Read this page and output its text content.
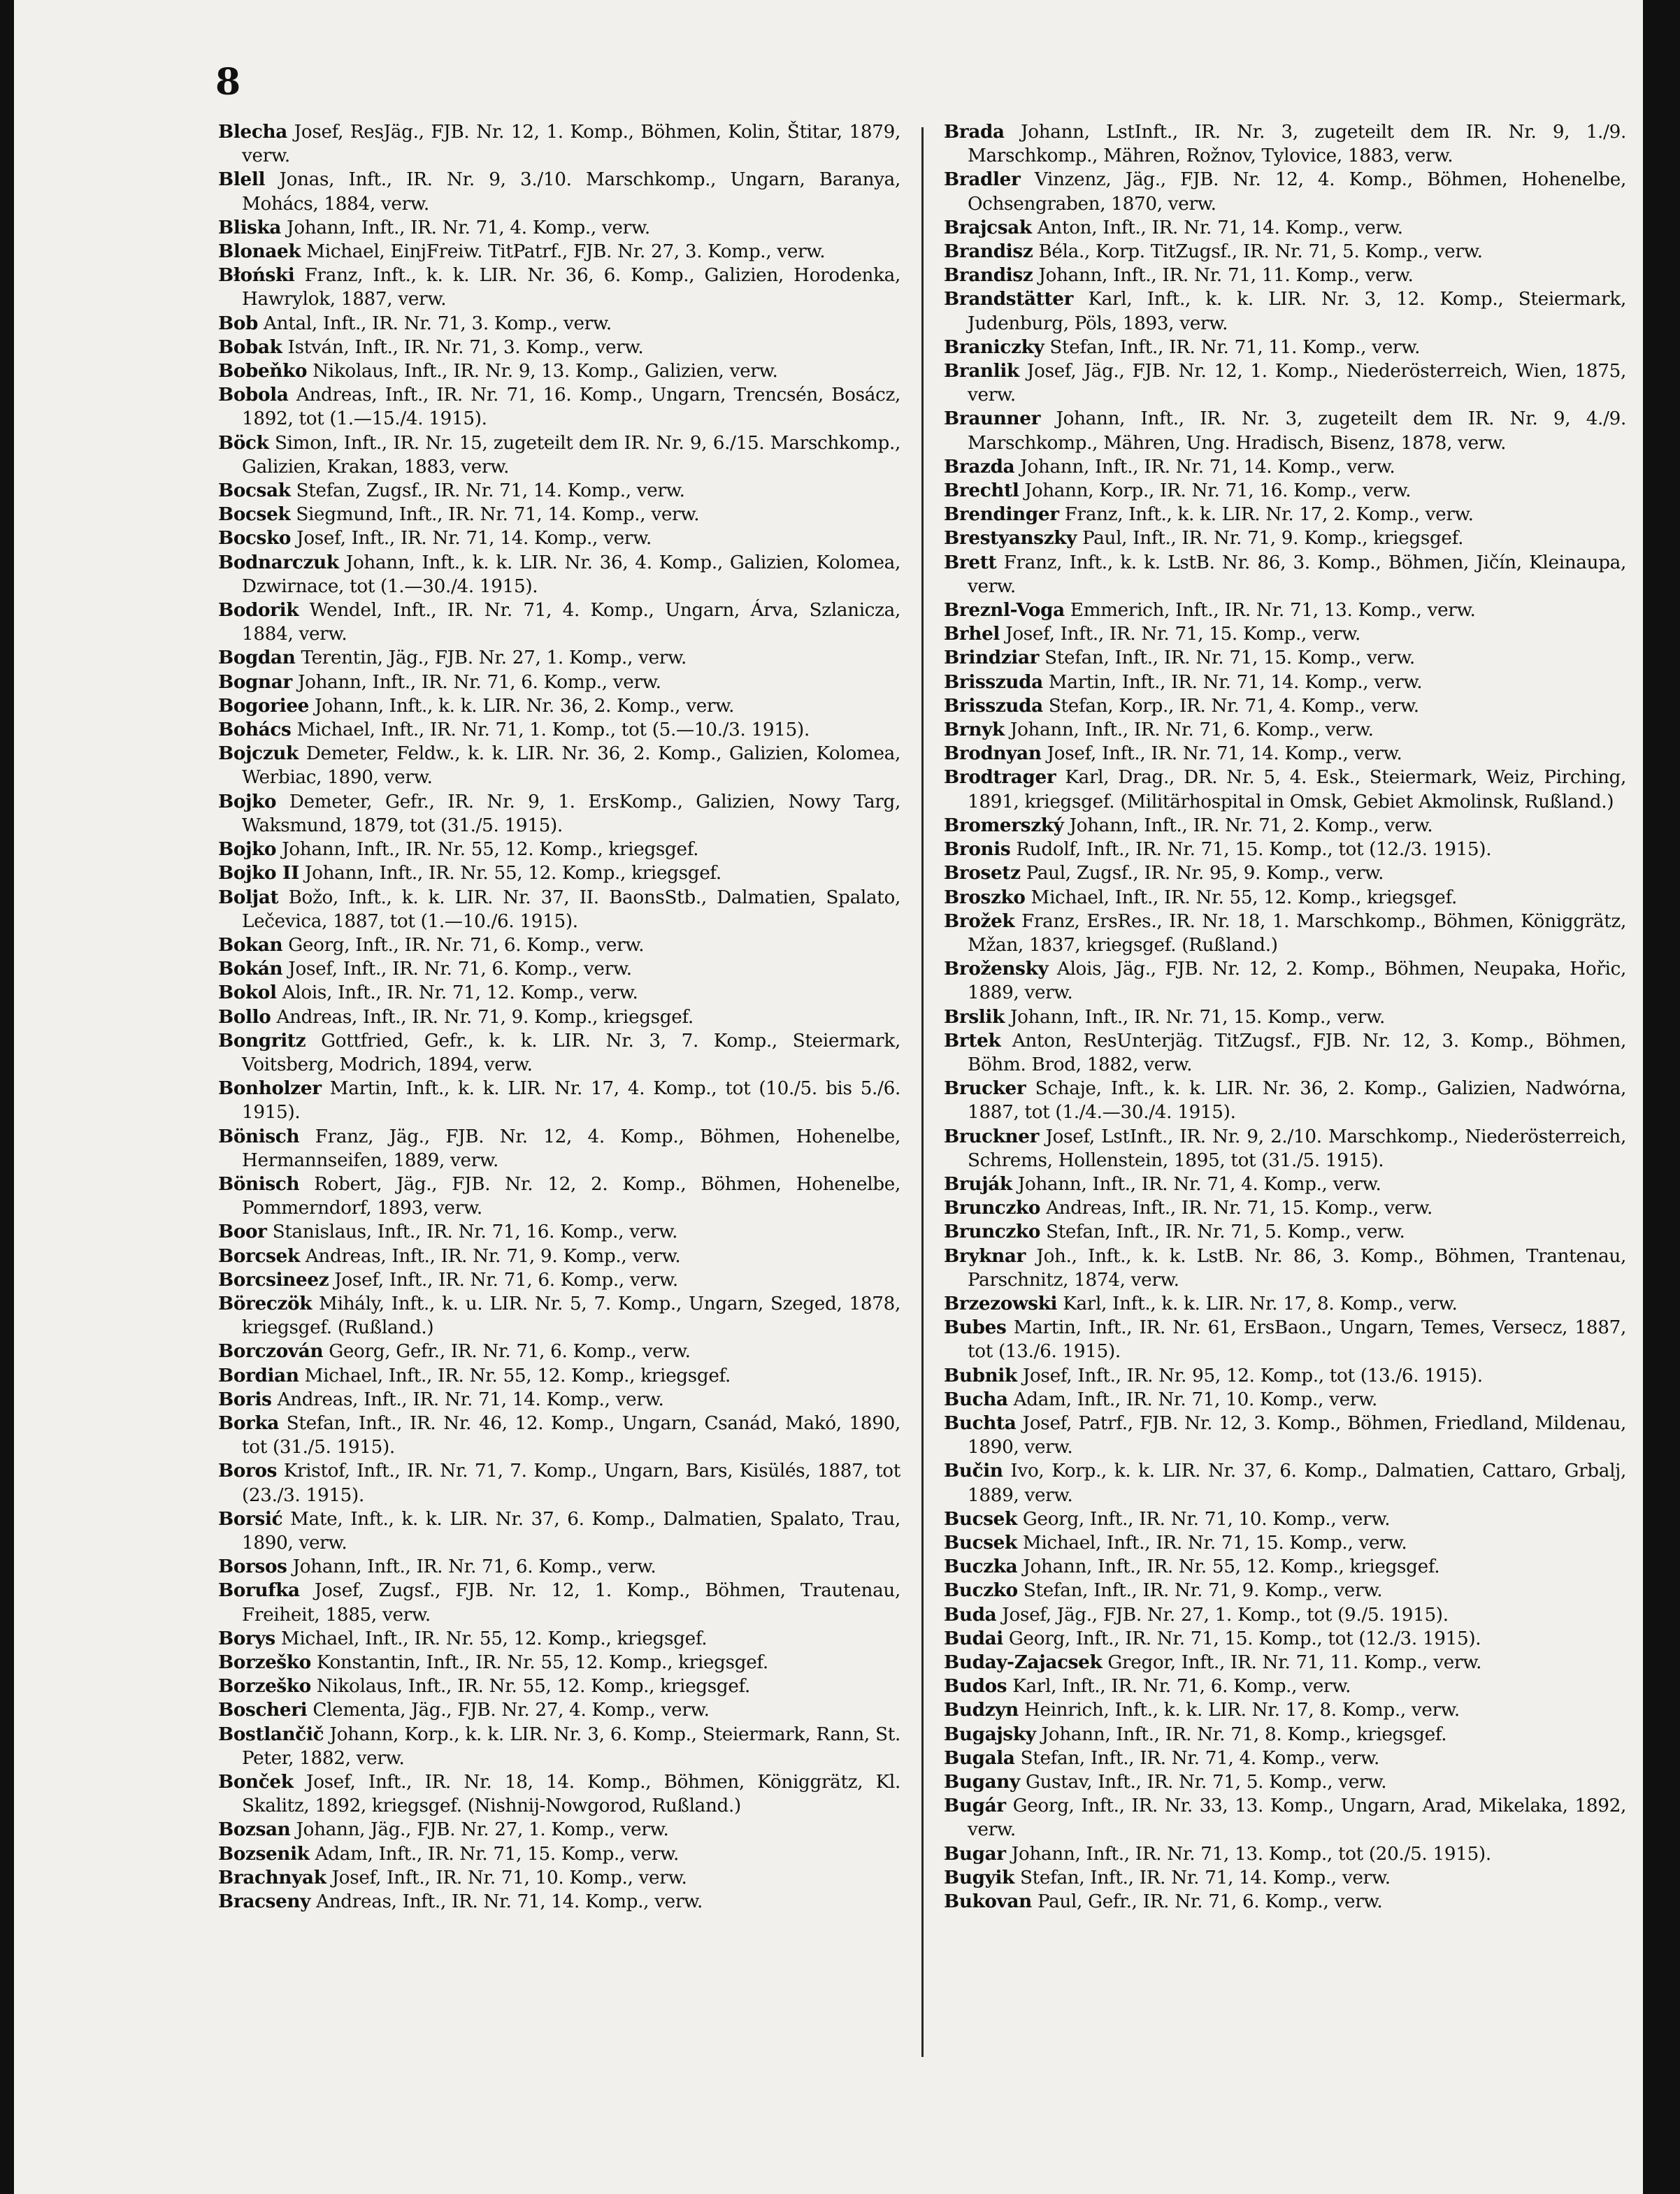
8

Blecha Josef, ResJäg., FJB. Nr. 12, 1. Komp., Böhmen, Kolin, Štitar, 1879, verw.

Blell Jonas, Inft., IR. Nr. 9, 3./10. Marschkomp., Ungarn, Baranya, Mohács, 1884, verw.

Bliska Johann, Inft., IR. Nr. 71, 4. Komp., verw.

Blonaek Michael, EinjFreiw. TitPatrf., FJB. Nr. 27, 3. Komp., verw.

Błoński Franz, Inft., k. k. LIR. Nr. 36, 6. Komp., Galizien, Horodenka, Hawrylok, 1887, verw.

Bob Antal, Inft., IR. Nr. 71, 3. Komp., verw.

Bobak István, Inft., IR. Nr. 71, 3. Komp., verw.

Bobeňko Nikolaus, Inft., IR. Nr. 9, 13. Komp., Galizien, verw.

Bobola Andreas, Inft., IR. Nr. 71, 16. Komp., Ungarn, Trencsén, Bosácz, 1892, tot (1.—15./4. 1915).

Böck Simon, Inft., IR. Nr. 15, zugeteilt dem IR. Nr. 9, 6./15. Marschkomp., Galizien, Krakan, 1883, verw.

Bocsak Stefan, Zugsf., IR. Nr. 71, 14. Komp., verw.

Bocsek Siegmund, Inft., IR. Nr. 71, 14. Komp., verw.

Bocsko Josef, Inft., IR. Nr. 71, 14. Komp., verw.

Bodnarczuk Johann, Inft., k. k. LIR. Nr. 36, 4. Komp., Galizien, Kolomea, Dzwirnace, tot (1.—30./4. 1915).

Bodorik Wendel, Inft., IR. Nr. 71, 4. Komp., Ungarn, Árva, Szlanicza, 1884, verw.

Bogdan Terentin, Jäg., FJB. Nr. 27, 1. Komp., verw.

Bognar Johann, Inft., IR. Nr. 71, 6. Komp., verw.

Bogoriee Johann, Inft., k. k. LIR. Nr. 36, 2. Komp., verw.

Bohács Michael, Inft., IR. Nr. 71, 1. Komp., tot (5.—10./3. 1915).

Bojczuk Demeter, Feldw., k. k. LIR. Nr. 36, 2. Komp., Galizien, Kolomea, Werbiac, 1890, verw.

Bojko Demeter, Gefr., IR. Nr. 9, 1. ErsKomp., Galizien, Nowy Targ, Waksmund, 1879, tot (31./5. 1915).

Bojko Johann, Inft., IR. Nr. 55, 12. Komp., kriegsgef.

Bojko II Johann, Inft., IR. Nr. 55, 12. Komp., kriegsgef.

Boljat Božo, Inft., k. k. LIR. Nr. 37, II. BaonsStb., Dalmatien, Spalato, Lečevica, 1887, tot (1.—10./6. 1915).

Bokan Georg, Inft., IR. Nr. 71, 6. Komp., verw.

Bokán Josef, Inft., IR. Nr. 71, 6. Komp., verw.

Bokol Alois, Inft., IR. Nr. 71, 12. Komp., verw.

Bollo Andreas, Inft., IR. Nr. 71, 9. Komp., kriegsgef.

Bongritz Gottfried, Gefr., k. k. LIR. Nr. 3, 7. Komp., Steiermark, Voitsberg, Modrich, 1894, verw.

Bonholzer Martin, Inft., k. k. LIR. Nr. 17, 4. Komp., tot (10./5. bis 5./6. 1915).

Bönisch Franz, Jäg., FJB. Nr. 12, 4. Komp., Böhmen, Hohenelbe, Hermannseifen, 1889, verw.

Bönisch Robert, Jäg., FJB. Nr. 12, 2. Komp., Böhmen, Hohenelbe, Pommerndorf, 1893, verw.

Boor Stanislaus, Inft., IR. Nr. 71, 16. Komp., verw.

Borcsek Andreas, Inft., IR. Nr. 71, 9. Komp., verw.

Borcsineez Josef, Inft., IR. Nr. 71, 6. Komp., verw.

Böreczök Mihály, Inft., k. u. LIR. Nr. 5, 7. Komp., Ungarn, Szeged, 1878, kriegsgef. (Rußland.)

Borczován Georg, Gefr., IR. Nr. 71, 6. Komp., verw.

Bordian Michael, Inft., IR. Nr. 55, 12. Komp., kriegsgef.

Boris Andreas, Inft., IR. Nr. 71, 14. Komp., verw.

Borka Stefan, Inft., IR. Nr. 46, 12. Komp., Ungarn, Csanád, Makó, 1890, tot (31./5. 1915).

Boros Kristof, Inft., IR. Nr. 71, 7. Komp., Ungarn, Bars, Kisülés, 1887, tot (23./3. 1915).

Borsić Mate, Inft., k. k. LIR. Nr. 37, 6. Komp., Dalmatien, Spalato, Trau, 1890, verw.

Borsos Johann, Inft., IR. Nr. 71, 6. Komp., verw.

Borufka Josef, Zugsf., FJB. Nr. 12, 1. Komp., Böhmen, Trautenau, Freiheit, 1885, verw.

Borys Michael, Inft., IR. Nr. 55, 12. Komp., kriegsgef.

Borzeško Konstantin, Inft., IR. Nr. 55, 12. Komp., kriegsgef.

Borzeško Nikolaus, Inft., IR. Nr. 55, 12. Komp., kriegsgef.

Boscheri Clementa, Jäg., FJB. Nr. 27, 4. Komp., verw.

Bostlančič Johann, Korp., k. k. LIR. Nr. 3, 6. Komp., Steiermark, Rann, St. Peter, 1882, verw.

Bonček Josef, Inft., IR. Nr. 18, 14. Komp., Böhmen, Königgrätz, Kl. Skalitz, 1892, kriegsgef. (Nishnij-Nowgorod, Rußland.)

Bozsan Johann, Jäg., FJB. Nr. 27, 1. Komp., verw.

Bozsenik Adam, Inft., IR. Nr. 71, 15. Komp., verw.

Brachnyak Josef, Inft., IR. Nr. 71, 10. Komp., verw.

Bracseny Andreas, Inft., IR. Nr. 71, 14. Komp., verw.

Brada Johann, LstInft., IR. Nr. 3, zugeteilt dem IR. Nr. 9, 1./9. Marschkomp., Mähren, Rožnov, Tylovice, 1883, verw.

Bradler Vinzenz, Jäg., FJB. Nr. 12, 4. Komp., Böhmen, Hohenelbe, Ochsengraben, 1870, verw.

Brajcsak Anton, Inft., IR. Nr. 71, 14. Komp., verw.

Brandisz Béla., Korp. TitZugsf., IR. Nr. 71, 5. Komp., verw.

Brandisz Johann, Inft., IR. Nr. 71, 11. Komp., verw.

Brandstätter Karl, Inft., k. k. LIR. Nr. 3, 12. Komp., Steiermark, Judenburg, Pöls, 1893, verw.

Braniczky Stefan, Inft., IR. Nr. 71, 11. Komp., verw.

Branlik Josef, Jäg., FJB. Nr. 12, 1. Komp., Niederösterreich, Wien, 1875, verw.

Braunner Johann, Inft., IR. Nr. 3, zugeteilt dem IR. Nr. 9, 4./9. Marschkomp., Mähren, Ung. Hradisch, Bisenz, 1878, verw.

Brazda Johann, Inft., IR. Nr. 71, 14. Komp., verw.

Brechtl Johann, Korp., IR. Nr. 71, 16. Komp., verw.

Brendinger Franz, Inft., k. k. LIR. Nr. 17, 2. Komp., verw.

Brestyanszky Paul, Inft., IR. Nr. 71, 9. Komp., kriegsgef.

Brett Franz, Inft., k. k. LstB. Nr. 86, 3. Komp., Böhmen, Jičín, Kleinaupa, verw.

Breznl-Voga Emmerich, Inft., IR. Nr. 71, 13. Komp., verw.

Brhel Josef, Inft., IR. Nr. 71, 15. Komp., verw.

Brindziar Stefan, Inft., IR. Nr. 71, 15. Komp., verw.

Brisszuda Martin, Inft., IR. Nr. 71, 14. Komp., verw.

Brisszuda Stefan, Korp., IR. Nr. 71, 4. Komp., verw.

Brnyk Johann, Inft., IR. Nr. 71, 6. Komp., verw.

Brodnyan Josef, Inft., IR. Nr. 71, 14. Komp., verw.

Brodtrager Karl, Drag., DR. Nr. 5, 4. Esk., Steiermark, Weiz, Pirching, 1891, kriegsgef. (Militärhospital in Omsk, Gebiet Akmolinsk, Rußland.)

Bromerszký Johann, Inft., IR. Nr. 71, 2. Komp., verw.

Bronis Rudolf, Inft., IR. Nr. 71, 15. Komp., tot (12./3. 1915).

Brosetz Paul, Zugsf., IR. Nr. 95, 9. Komp., verw.

Broszko Michael, Inft., IR. Nr. 55, 12. Komp., kriegsgef.

Brožek Franz, ErsRes., IR. Nr. 18, 1. Marschkomp., Böhmen, Königgrätz, Mžan, 1837, kriegsgef. (Rußland.)

Brožensky Alois, Jäg., FJB. Nr. 12, 2. Komp., Böhmen, Neupaka, Hořic, 1889, verw.

Brslik Johann, Inft., IR. Nr. 71, 15. Komp., verw.

Brtek Anton, ResUnterjäg. TitZugsf., FJB. Nr. 12, 3. Komp., Böhmen, Böhm. Brod, 1882, verw.

Brucker Schaje, Inft., k. k. LIR. Nr. 36, 2. Komp., Galizien, Nadwórna, 1887, tot (1./4.—30./4. 1915).

Bruckner Josef, LstInft., IR. Nr. 9, 2./10. Marschkomp., Niederösterreich, Schrems, Hollenstein, 1895, tot (31./5. 1915).

Bruják Johann, Inft., IR. Nr. 71, 4. Komp., verw.

Brunczko Andreas, Inft., IR. Nr. 71, 15. Komp., verw.

Brunczko Stefan, Inft., IR. Nr. 71, 5. Komp., verw.

Bryknar Joh., Inft., k. k. LstB. Nr. 86, 3. Komp., Böhmen, Trantenau, Parschnitz, 1874, verw.

Brzezowski Karl, Inft., k. k. LIR. Nr. 17, 8. Komp., verw.

Bubes Martin, Inft., IR. Nr. 61, ErsBaon., Ungarn, Temes, Versecz, 1887, tot (13./6. 1915).

Bubnik Josef, Inft., IR. Nr. 95, 12. Komp., tot (13./6. 1915).

Bucha Adam, Inft., IR. Nr. 71, 10. Komp., verw.

Buchta Josef, Patrf., FJB. Nr. 12, 3. Komp., Böhmen, Friedland, Mildenau, 1890, verw.

Bučin Ivo, Korp., k. k. LIR. Nr. 37, 6. Komp., Dalmatien, Cattaro, Grbalj, 1889, verw.

Bucsek Georg, Inft., IR. Nr. 71, 10. Komp., verw.

Bucsek Michael, Inft., IR. Nr. 71, 15. Komp., verw.

Buczka Johann, Inft., IR. Nr. 55, 12. Komp., kriegsgef.

Buczko Stefan, Inft., IR. Nr. 71, 9. Komp., verw.

Buda Josef, Jäg., FJB. Nr. 27, 1. Komp., tot (9./5. 1915).

Budai Georg, Inft., IR. Nr. 71, 15. Komp., tot (12./3. 1915).

Buday-Zajacsek Gregor, Inft., IR. Nr. 71, 11. Komp., verw.

Budos Karl, Inft., IR. Nr. 71, 6. Komp., verw.

Budzyn Heinrich, Inft., k. k. LIR. Nr. 17, 8. Komp., verw.

Bugajsky Johann, Inft., IR. Nr. 71, 8. Komp., kriegsgef.

Bugala Stefan, Inft., IR. Nr. 71, 4. Komp., verw.

Bugany Gustav, Inft., IR. Nr. 71, 5. Komp., verw.

Bugár Georg, Inft., IR. Nr. 33, 13. Komp., Ungarn, Arad, Mikelaka, 1892, verw.

Bugar Johann, Inft., IR. Nr. 71, 13. Komp., tot (20./5. 1915).

Bugyik Stefan, Inft., IR. Nr. 71, 14. Komp., verw.

Bukovan Paul, Gefr., IR. Nr. 71, 6. Komp., verw.
